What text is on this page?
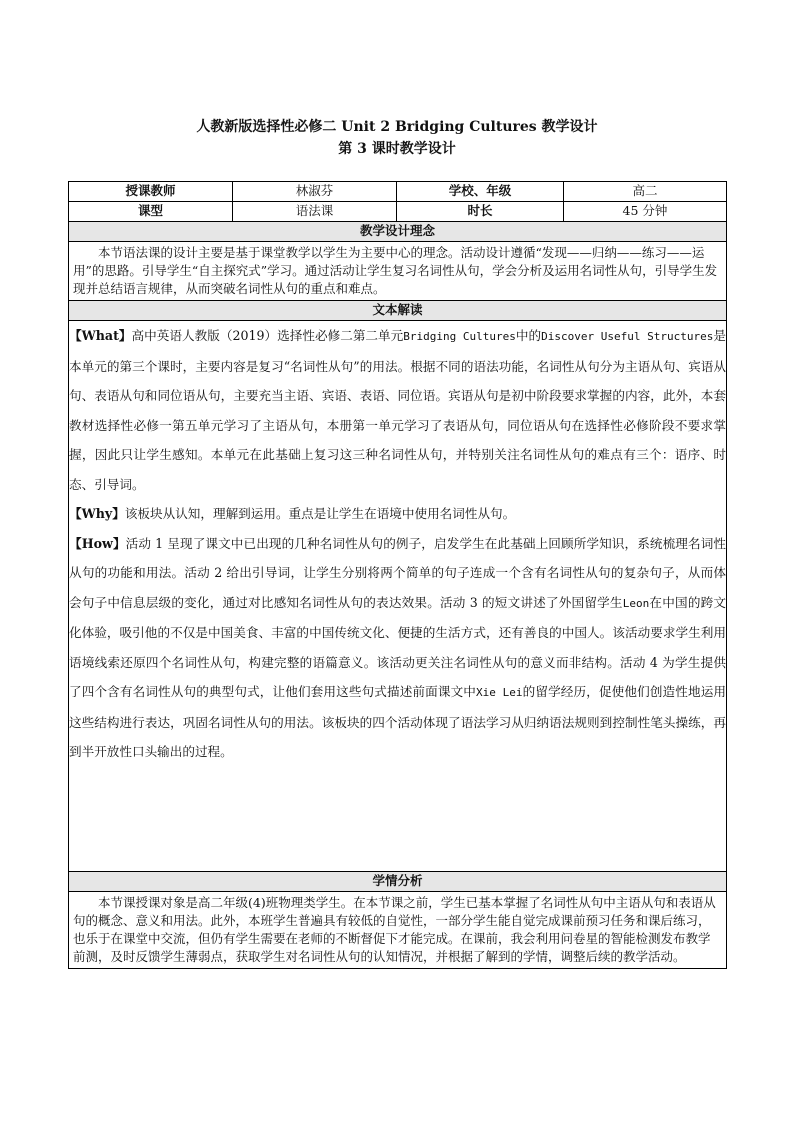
人教新版选择性必修二 Unit 2 Bridging Cultures 教学设计
第 3 课时教学设计
授课教师	林淑芬	学校、年级	高二
课型	语法课	时长	45 分钟
教学设计理念			

本节语法课的设计主要是基于课堂教学以学生为主要中心的理念。活动设计遵循“发现——归纳——练习——运用”的思路。引导学生“自主探究式”学习。通过活动让学生复习名词性从句，学会分析及运用名词性从句，引导学生发现并总结语言规律，从而突破名词性从句的重点和难点。			

文本解读			

【What】高中英语人教版（2019）选择性必修二第二单元Bridging Cultures中的Discover Useful Structures是本单元的第三个课时，主要内容是复习“名词性从句”的用法。根据不同的语法功能，名词性从句分为主语从句、宾语从句、表语从句和同位语从句，主要充当主语、宾语、表语、同位语。宾语从句是初中阶段要求掌握的内容，此外，本套教材选择性必修一第五单元学习了主语从句，本册第一单元学习了表语从句，同位语从句在选择性必修阶段不要求掌握，因此只让学生感知。本单元在此基础上复习这三种名词性从句，并特别关注名词性从句的难点有三个：语序、时态、引导词。

【Why】该板块从认知，理解到运用。重点是让学生在语境中使用名词性从句。

【How】活动 1 呈现了课文中已出现的几种名词性从句的例子，启发学生在此基础上回顾所学知识，系统梳理名词性从句的功能和用法。活动 2 给出引导词，让学生分别将两个简单的句子连成一个含有名词性从句的复杂句子，从而体会句子中信息层级的变化，通过对比感知名词性从句的表达效果。活动 3 的短文讲述了外国留学生Leon在中国的跨文化体验，吸引他的不仅是中国美食、丰富的中国传统文化、便捷的生活方式，还有善良的中国人。该活动要求学生利用语境线索还原四个名词性从句，构建完整的语篇意义。该活动更关注名词性从句的意义而非结构。活动 4 为学生提供了四个含有名词性从句的典型句式，让他们套用这些句式描述前面课文中Xie Lei的留学经历，促使他们创造性地运用这些结构进行表达，巩固名词性从句的用法。该板块的四个活动体现了语法学习从归纳语法规则到控制性笔头操练，再到半开放性口头输出的过程。			

学情分析			

本节课授课对象是高二年级(4)班物理类学生。在本节课之前，学生已基本掌握了名词性从句中主语从句和表语从句的概念、意义和用法。此外，本班学生普遍具有较低的自觉性，一部分学生能自觉完成课前预习任务和课后练习，也乐于在课堂中交流，但仍有学生需要在老师的不断督促下才能完成。在课前，我会利用问卷星的智能检测发布教学前测，及时反馈学生薄弱点，获取学生对名词性从句的认知情况，并根据了解到的学情，调整后续的教学活动。			
